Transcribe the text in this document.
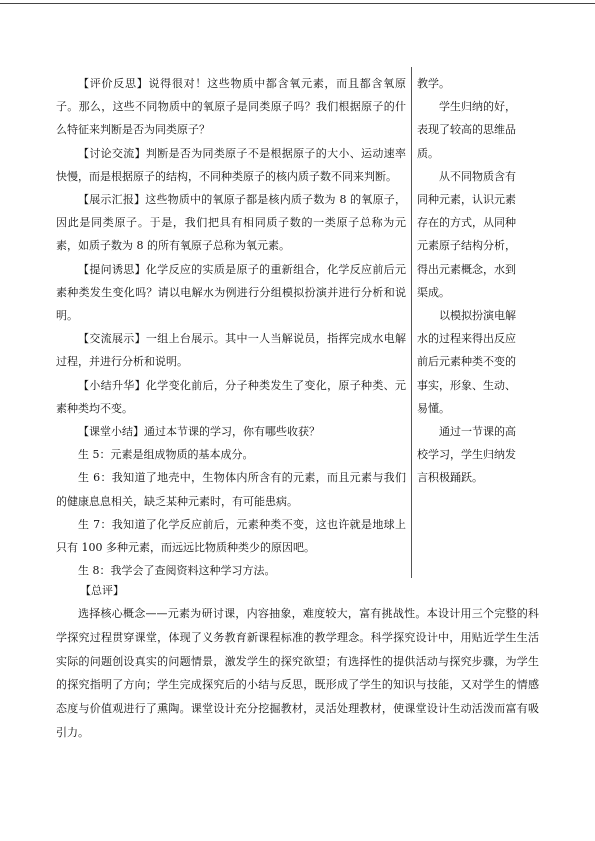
【评价反思】说得很对！这些物质中都含氧元素，而且都含氧原子。那么，这些不同物质中的氧原子是同类原子吗？我们根据原子的什么特征来判断是否为同类原子？

【讨论交流】判断是否为同类原子不是根据原子的大小、运动速率快慢，而是根据原子的结构，不同种类原子的核内质子数不同来判断。

【展示汇报】这些物质中的氧原子都是核内质子数为 8 的氧原子，因此是同类原子。于是，我们把具有相同质子数的一类原子总称为元素，如质子数为 8 的所有氧原子总称为氧元素。

【提问诱思】化学反应的实质是原子的重新组合，化学反应前后元素种类发生变化吗？请以电解水为例进行分组模拟扮演并进行分析和说明。

【交流展示】一组上台展示。其中一人当解说员，指挥完成水电解过程，并进行分析和说明。

【小结升华】化学变化前后，分子种类发生了变化，原子种类、元素种类均不变。

【课堂小结】通过本节课的学习，你有哪些收获？

生 5：元素是组成物质的基本成分。

生 6：我知道了地壳中，生物体内所含有的元素，而且元素与我们的健康息息相关，缺乏某种元素时，有可能患病。

生 7：我知道了化学反应前后，元素种类不变，这也许就是地球上只有 100 多种元素，而远远比物质种类少的原因吧。

生 8：我学会了查阅资料这种学习方法。

教学。

学生归纳的好，表现了较高的思维品质。

从不同物质含有同种元素，认识元素存在的方式，从同种元素原子结构分析，得出元素概念，水到渠成。

以模拟扮演电解水的过程来得出反应前后元素种类不变的事实，形象、生动、易懂。

通过一节课的高校学习，学生归纳发言积极踊跃。

【总评】

选择核心概念——元素为研讨课，内容抽象，难度较大，富有挑战性。本设计用三个完整的科学探究过程贯穿课堂，体现了义务教育新课程标准的教学理念。科学探究设计中，用贴近学生生活实际的问题创设真实的问题情景，激发学生的探究欲望；有选择性的提供活动与探究步骤，为学生的探究指明了方向；学生完成探究后的小结与反思，既形成了学生的知识与技能，又对学生的情感态度与价值观进行了熏陶。课堂设计充分挖掘教材，灵活处理教材，使课堂设计生动活泼而富有吸引力。
